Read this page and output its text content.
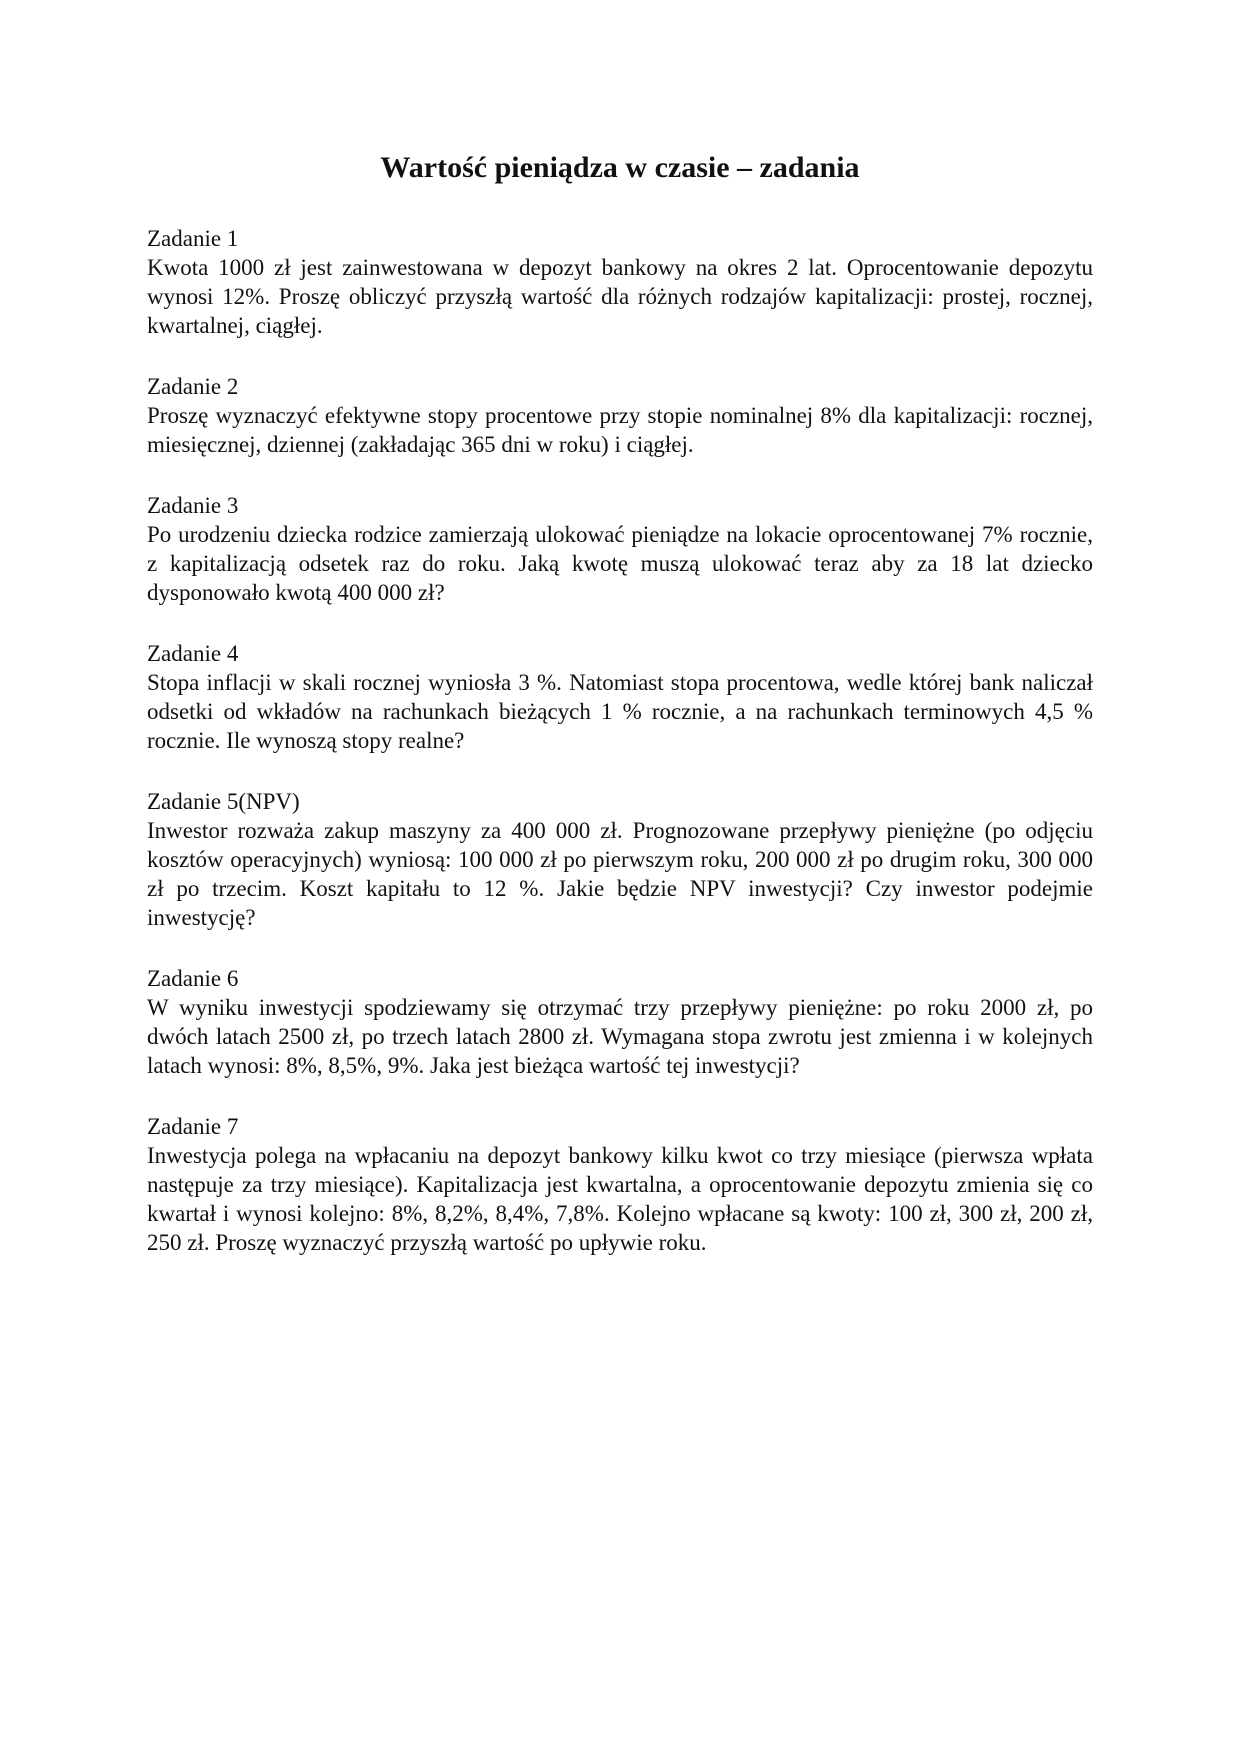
Wartość pieniądza w czasie – zadania

Zadanie 1

Kwota 1000 zł jest zainwestowana w depozyt bankowy na okres 2 lat. Oprocentowanie depozytu wynosi 12%. Proszę obliczyć przyszłą wartość dla różnych rodzajów kapitalizacji: prostej, rocznej, kwartalnej, ciągłej.

Zadanie 2

Proszę wyznaczyć efektywne stopy procentowe przy stopie nominalnej 8% dla kapitalizacji: rocznej, miesięcznej, dziennej (zakładając 365 dni w roku) i ciągłej.

Zadanie 3

Po urodzeniu dziecka rodzice zamierzają ulokować pieniądze na lokacie oprocentowanej 7% rocznie, z kapitalizacją odsetek raz do roku. Jaką kwotę muszą ulokować teraz aby za 18 lat dziecko dysponowało kwotą 400 000 zł?

Zadanie 4

Stopa inflacji w skali rocznej wyniosła 3 %. Natomiast stopa procentowa, wedle której bank naliczał odsetki od wkładów na rachunkach bieżących 1 % rocznie, a na rachunkach terminowych 4,5 % rocznie. Ile wynoszą stopy realne?

Zadanie 5(NPV)

Inwestor rozważa zakup maszyny za 400 000 zł. Prognozowane przepływy pieniężne (po odjęciu kosztów operacyjnych) wyniosą: 100 000 zł po pierwszym roku, 200 000 zł po drugim roku, 300 000 zł po trzecim. Koszt kapitału to 12 %. Jakie będzie NPV inwestycji? Czy inwestor podejmie inwestycję?

Zadanie 6

W wyniku inwestycji spodziewamy się otrzymać trzy przepływy pieniężne: po roku 2000 zł, po dwóch latach 2500 zł, po trzech latach 2800 zł. Wymagana stopa zwrotu jest zmienna i w kolejnych latach wynosi: 8%, 8,5%, 9%. Jaka jest bieżąca wartość tej inwestycji?

Zadanie 7

Inwestycja polega na wpłacaniu na depozyt bankowy kilku kwot co trzy miesiące (pierwsza wpłata następuje za trzy miesiące). Kapitalizacja jest kwartalna, a oprocentowanie depozytu zmienia się co kwartał i wynosi kolejno: 8%, 8,2%, 8,4%, 7,8%. Kolejno wpłacane są kwoty: 100 zł, 300 zł, 200 zł, 250 zł. Proszę wyznaczyć przyszłą wartość po upływie roku.
